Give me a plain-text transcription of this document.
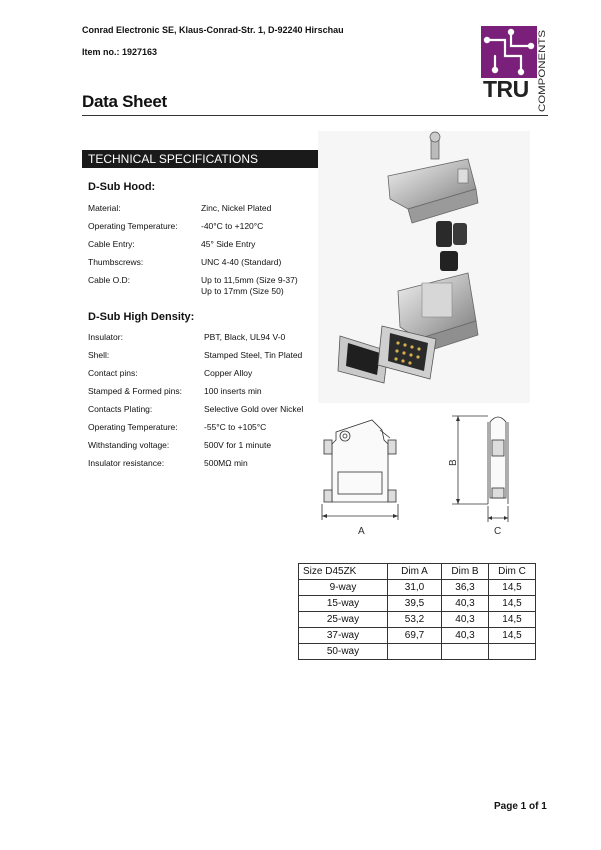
Conrad Electronic SE, Klaus-Conrad-Str. 1, D-92240 Hirschau
Item no.: 1927163
Data Sheet	TRU COMPONENTS
TECHNICAL SPECIFICATIONS
D-Sub Hood:
Material:	Zinc, Nickel Plated
Operating Temperature:	-40°C to +120°C
Cable Entry:	45° Side Entry
Thumbscrews:	UNC 4-40 (Standard)
Cable O.D:	Up to 11,5mm (Size 9-37)
Up to 17mm (Size 50)
D-Sub High Density:
Insulator:	PBT, Black, UL94 V-0
Shell:	Stamped Steel, Tin Plated
Contact pins:	Copper Alloy
Stamped & Formed pins:	100 inserts min
Contacts Plating:	Selective Gold over Nickel
Operating Temperature:	-55°C to +105°C
Withstanding voltage:	500V for 1 minute
Insulator resistance:	500MΩ min
A
B
C
Size D45ZK	Dim A	Dim B	Dim C
9-way	31,0	36,3	14,5
15-way	39,5	40,3	14,5
25-way	53,2	40,3	14,5
37-way	69,7	40,3	14,5
50-way			
Page 1 of 1
